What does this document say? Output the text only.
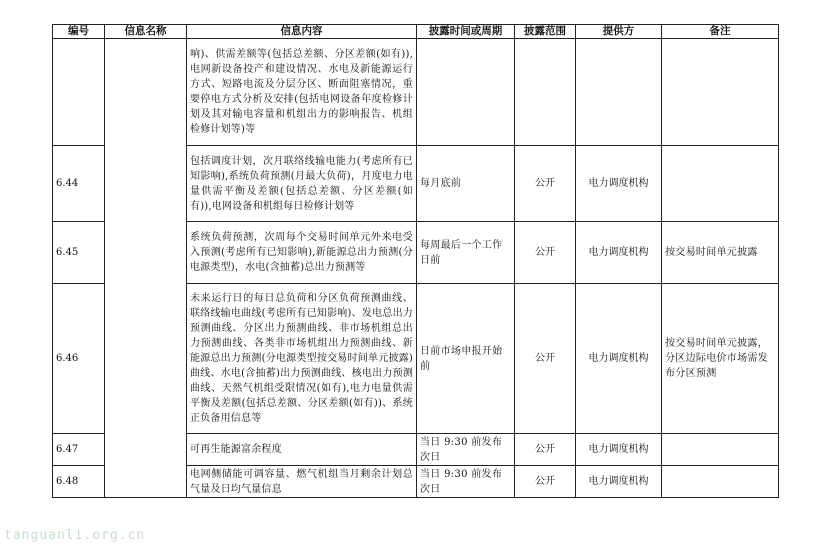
编号	信息名称	信息内容	披露时间或周期	披露范围	提供方	备注
		响)、供需差额等(包括总差额、分区差额(如有)),电网新设备投产和建设情况、水电及新能源运行方式、短路电流及分层分区、断面阻塞情况，重要停电方式分析及安排(包括电网设备年度检修计划及其对输电容量和机组出力的影响报告、机组检修计划等)等				
6.44		包括调度计划，次月联络线输电能力(考虑所有已知影响),系统负荷预测(月最大负荷)，月度电力电量供需平衡及差额(包括总差额、分区差额(如有)),电网设备和机组每日检修计划等	每月底前	公开	电力调度机构	
6.45		系统负荷预测，次周每个交易时间单元外来电受入预测(考虑所有已知影响),新能源总出力预测(分电源类型)，水电(含抽蓄)总出力预测等	每周最后一个工作日前	公开	电力调度机构	按交易时间单元披露
6.46		未来运行日的每日总负荷和分区负荷预测曲线、联络线输电曲线(考虑所有已知影响)、发电总出力预测曲线、分区出力预测曲线、非市场机组总出力预测曲线、各类非市场机组出力预测曲线、新能源总出力预测(分电源类型按交易时间单元披露)曲线、水电(含抽蓄)出力预测曲线、核电出力预测曲线、天然气机组受限情况(如有),电力电量供需平衡及差额(包括总差额、分区差额(如有))、系统正负备用信息等	日前市场申报开始前	公开	电力调度机构	按交易时间单元披露，分区边际电价市场需发布分区预测
6.47		可再生能源富余程度	当日 9:30 前发布次日	公开	电力调度机构	
6.48		电网侧储能可调容量、燃气机组当月剩余计划总气量及日均气量信息	当日 9:30 前发布次日	公开	电力调度机构	
tanguanli.org.cn
